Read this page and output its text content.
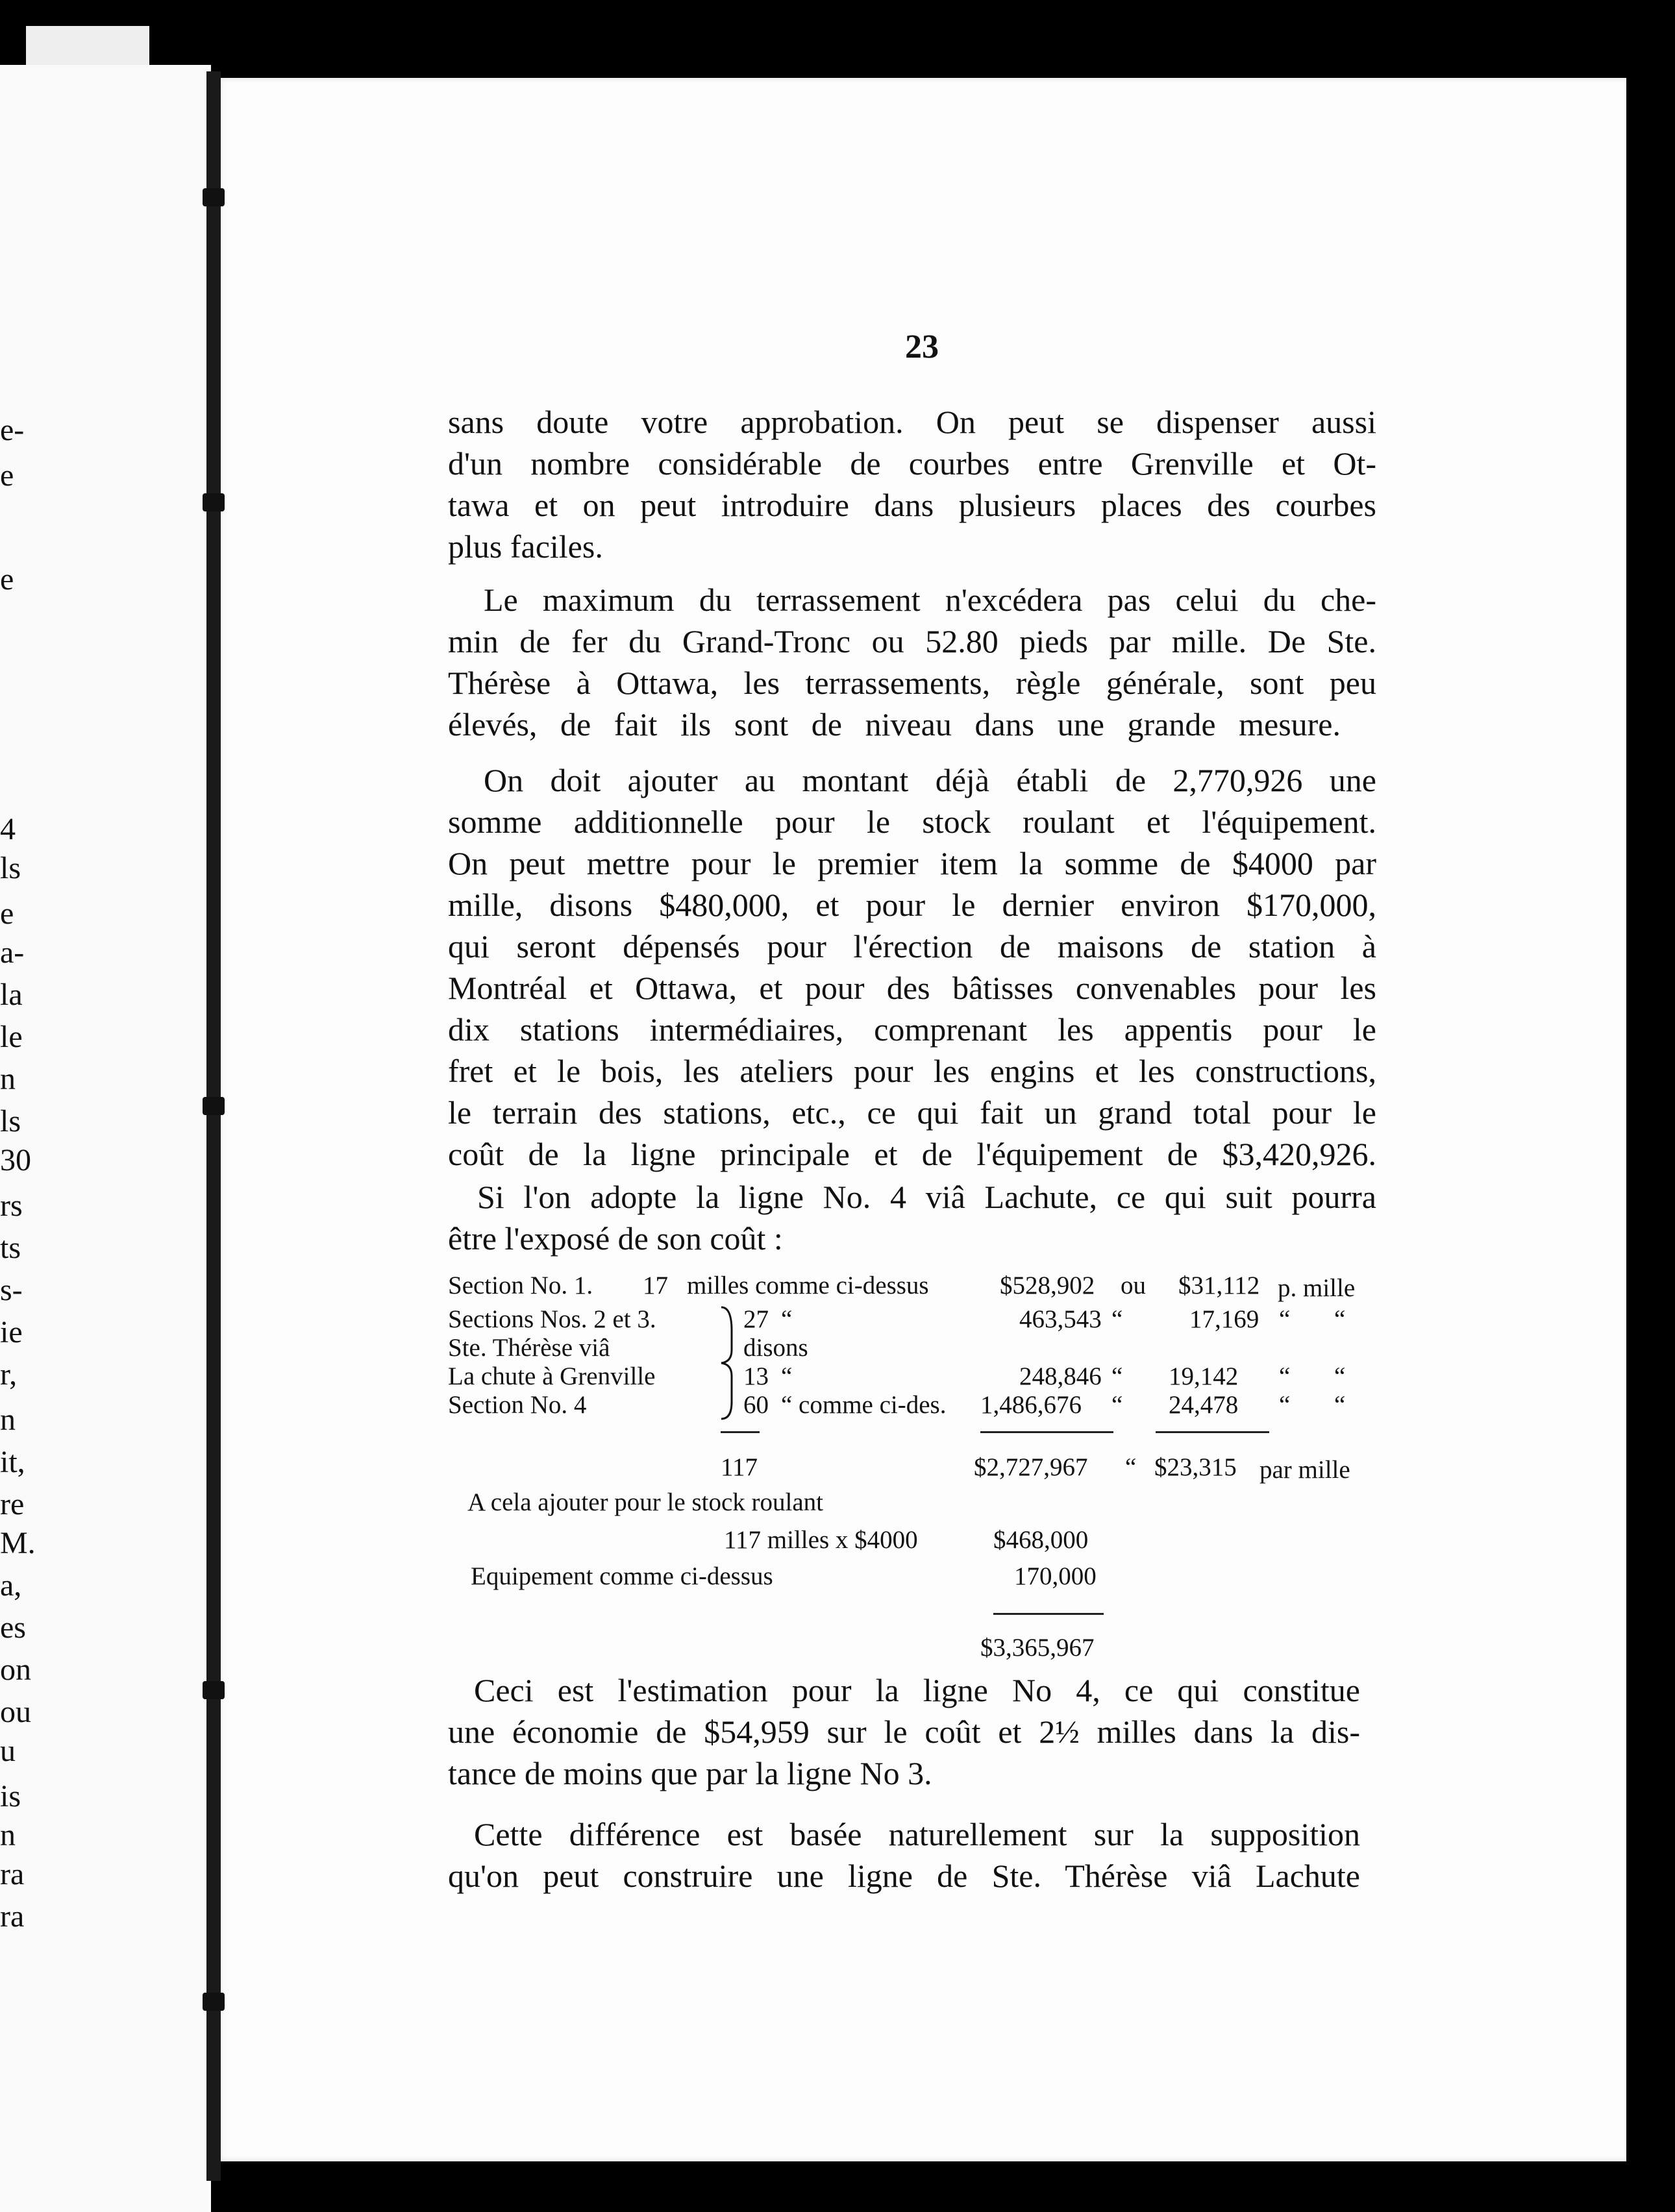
e-
e
e
4
ls
e
a-
la
le
n
ls
30
rs
ts
s-
ie
r,
n
it,
re
M.
a,
es
on
ou
u
is
n
ra
ra
23
sans doute votre approbation. On peut se dispenser aussi
d'un nombre considérable de courbes entre Grenville et Ot-
tawa et on peut introduire dans plusieurs places des courbes
plus faciles.
Le maximum du terrassement n'excédera pas celui du che-
min de fer du Grand-Tronc ou 52.80 pieds par mille. De Ste.
Thérèse à Ottawa, les terrassements, règle générale, sont peu
élevés, de fait ils sont de niveau dans une grande mesure.
On doit ajouter au montant déjà établi de 2,770,926 une
somme additionnelle pour le stock roulant et l'équipement.
On peut mettre pour le premier item la somme de $4000 par
mille, disons $480,000, et pour le dernier environ $170,000,
qui seront dépensés pour l'érection de maisons de station à
Montréal et Ottawa, et pour des bâtisses convenables pour les
dix stations intermédiaires, comprenant les appentis pour le
fret et le bois, les ateliers pour les engins et les constructions,
le terrain des stations, etc., ce qui fait un grand total pour le
coût de la ligne principale et de l'équipement de $3,420,926.
Si l'on adopte la ligne No. 4 viâ Lachute, ce qui suit pourra
être l'exposé de son coût :
Section No. 1. 17 milles comme ci-dessus	$528,902 ou $31,112 p. mille
Sections Nos. 2 et 3.	27 “	463,543 “	17,169 “ “
Ste. Thérèse viâ	disons
La chute à Grenville	13 “	248,846 “ 19,142 “ “
Section No. 4	60 “ comme ci-des. 1,486,676 “ 24,478 “ “
117	$2,727,967 “ $23,315 par mille
A cela ajouter pour le stock roulant
117 milles x $4000	$468,000
Equipement comme ci-dessus	170,000
$3,365,967
Ceci est l'estimation pour la ligne No 4, ce qui constitue
une économie de $54,959 sur le coût et 2½ milles dans la dis-
tance de moins que par la ligne No 3.
Cette différence est basée naturellement sur la supposition
qu'on peut construire une ligne de Ste. Thérèse viâ Lachute
